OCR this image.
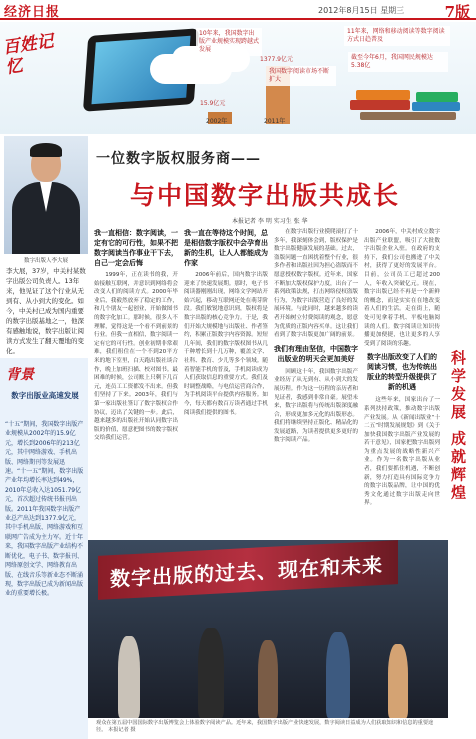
经济日报	2012年8月15日 星期三	7版
百姓记忆
15.9亿元
1377.9亿元
2002年	2011年
10年来，我国数字出版产业规模实现跨越式发展
我国数字阅读市场不断扩大
11年来，网络和移动阅读等数字阅读方式日趋普及
截至今年6月，我国网民规模达5.38亿
数字出版人李大展
李大展，37岁，中关村某数字出版公司负责人。13年来，他见证了这个行业从无到有、从小到大的变化。如今，中关村已成为国内重要的数字出版基地之一，他深有感触地说，数字出版让阅读方式发生了翻天覆地的变化。
背景
数字出版业高速发展
“十五”期间，我国数字出版产业规模从2002年的15.9亿元，增长到2006年的213亿元，其中网络游戏、手机出版、网络期刊等发展迅速。“十一五”期间，数字出版产业年均增长率达到49%，2010年总收入达1051.79亿元，首次超过传统书报刊出版。2011年我国数字出版产业总产出达到1377.9亿元，其中手机出版、网络游戏和互联网广告成为主力军。近十年来，我国数字出版产业结构不断优化，电子书、数字报刊、网络原创文学、网络教育出版、在线音乐等新业态不断涌现，数字出版已成为新闻出版业的重要增长极。
一位数字版权服务商——
与中国数字出版共成长
本报记者 李 明 实习生 张 华
我一直相信：数字阅读，一定有它的可行性，如果不把数字阅读当作事业干下去，自己一定会后悔

1999年，正在读书的我，开始接触互联网，并意识到网络将会改变人们的阅读方式。2000年毕业后，我毅然放弃了稳定的工作，和几个朋友一起创业，开始做图书的数字化加工。那时候，很多人不理解，觉得这是一个看不到前景的行业。但我一直相信，数字阅读一定有它的可行性。创业初期非常艰难，我们租住在一个不到20平方米的地下室里，白天跑出版社谈合作，晚上加班扫描、校对图书。最困难的时候，公司账上只剩下几百元，连员工工资都发不出来。但我们坚持了下来。2003年，我们与第一家出版社签订了数字版权合作协议，迈出了关键的一步。此后，越来越多的出版社开始认同数字出版的价值，愿意把图书的数字版权交给我们运营。

我一直在等待这个时间，总是相信数字版权中会孕育出新的生机，让人人都能成为作家

2006年前后，国内数字出版迎来了快速发展期。那时，电子书阅读器刚刚出现，网络文学网站开始兴起，移动互联网还处在萌芽阶段。我们敏锐地意识到，版权将是数字出版的核心竞争力。于是，我们开始大规模地与出版社、作者签约，积累正版数字内容资源。短短几年间，我们的数字版权图书从几千种增长到十几万种，覆盖文学、社科、教育、少儿等多个领域。随着智能手机的普及，手机阅读成为人们获取信息的重要方式。我们及时调整战略，与电信运营商合作，为手机阅读平台提供内容服务。如今，每天都有数百万读者通过手机阅读我们提供的图书。

在数字出版行业摸爬滚打了十多年，我深刻体会到，版权保护是数字出版健康发展的基础。过去，盗版问题一直困扰着整个行业，很多作者和出版社因为担心盗版而不愿意授权数字版权。近年来，国家不断加大版权保护力度，出台了一系列政策法规，打击网络侵权盗版行为，为数字出版营造了良好的发展环境。与此同时，越来越多的读者开始树立付费阅读的观念，愿意为优质的正版内容买单。这让我们看到了数字出版更加广阔的前景。

我们有理由坚信，中国数字出版业的明天会更加美好

回顾这十年，我国数字出版产业经历了从无到有、从小到大的发展历程。作为这一历程的亲历者和见证者，我感到非常自豪。展望未来，数字出版将与传统出版深度融合，形成更加多元化的出版形态。我们将继续坚持正版化、精品化的发展道路，为读者提供更多更好的数字阅读产品。

2006年，中关村成立数字出版产业联盟，吸引了大批数字出版企业入驻。在政府的支持下，我们公司也搬进了中关村，获得了更好的发展平台。目前，公司员工已超过200人，年收入突破亿元。现在，数字出版已经不再是一个新鲜的概念，而是实实在在地改变着人们的生活。走在街上，随处可见拿着手机、平板电脑阅读的人们。数字阅读让知识传播更加便捷，也让更多的人享受到了阅读的乐趣。

数字出版改变了人们的阅读习惯，也为传统出版业的转型升级提供了新的机遇

这些年来，国家出台了一系列扶持政策，推动数字出版产业发展。从《新闻出版业“十二五”时期发展规划》到《关于加快我国数字出版产业发展的若干意见》，国家把数字出版列为重点发展的战略性新兴产业。作为一名数字出版从业者，我们要抓住机遇，不断创新，努力打造具有国际竞争力的数字出版品牌，让中国的优秀文化通过数字出版走向世界。

科学发展 成就辉煌
数字出版的过去、现在和未来
观众在第五届中国国际数字出版博览会上体验数字阅读产品。近年来，我国数字出版产业快速发展，数字阅读日益成为人们获取知识和信息的重要途径。 本报记者 摄
